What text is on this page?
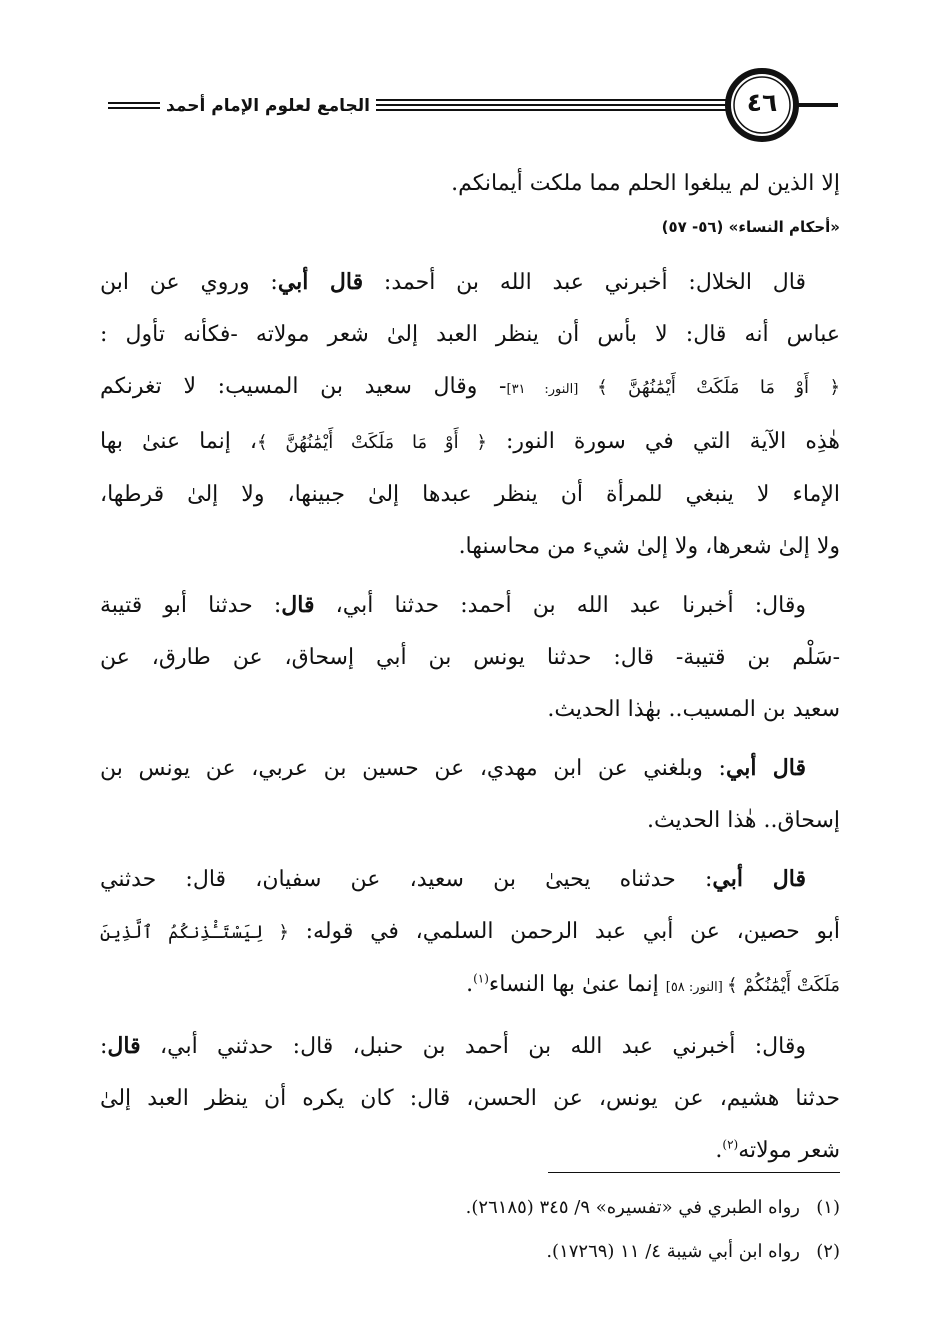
الجامع لعلوم الإمام أحمد	٤٦
إلا الذين لم يبلغوا الحلم مما ملكت أيمانكم.
«أحكام النساء» (٥٦- ٥٧)
قال الخلال: أخبرني عبد الله بن أحمد: قال أبي: وروي عن ابن
عباس أنه قال: لا بأس أن ينظر العبد إلىٰ شعر مولاته -فكأنه تأول :
﴿ أَوْ مَا مَلَكَتْ أَيْمَٰنُهُنَّ ﴾ [النور: ٣١]- وقال سعيد بن المسيب: لا تغرنكم
هٰذِه الآية التي في سورة النور: ﴿ أَوْ مَا مَلَكَتْ أَيْمَٰنُهُنَّ ﴾، إنما عنىٰ بها
الإماء لا ينبغي للمرأة أن ينظر عبدها إلىٰ جبينها، ولا إلىٰ قرطها،
ولا إلىٰ شعرها، ولا إلىٰ شيء من محاسنها.
وقال: أخبرنا عبد الله بن أحمد: حدثنا أبي، قال: حدثنا أبو قتيبة
-سَلْم بن قتيبة- قال: حدثنا يونس بن أبي إسحاق، عن طارق، عن
سعيد بن المسيب.. بهٰذا الحديث.
قال أبي: وبلغني عن ابن مهدي، عن حسين بن عربي، عن يونس بن
إسحاق.. هٰذا الحديث.
قال أبي: حدثناه يحيىٰ بن سعيد، عن سفيان، قال: حدثني
أبو حصين، عن أبي عبد الرحمن السلمي، في قوله: ﴿ لِيَسْتَـْٔذِنكُمُ ٱلَّذِينَ
مَلَكَتْ أَيْمَٰنُكُمْ ﴾ [النور: ٥٨] إنما عنىٰ بها النساء$^{(١)}$.
وقال: أخبرني عبد الله بن أحمد بن حنبل، قال: حدثني أبي، قال:
حدثنا هشيم، عن يونس، عن الحسن، قال: كان يكره أن ينظر العبد إلىٰ
شعر مولاته$^{(٢)}$.
(١)رواه الطبري في «تفسيره» ٩/ ٣٤٥ (٢٦١٨٥).
(٢)رواه ابن أبي شيبة ٤/ ١١ (١٧٢٦٩).
